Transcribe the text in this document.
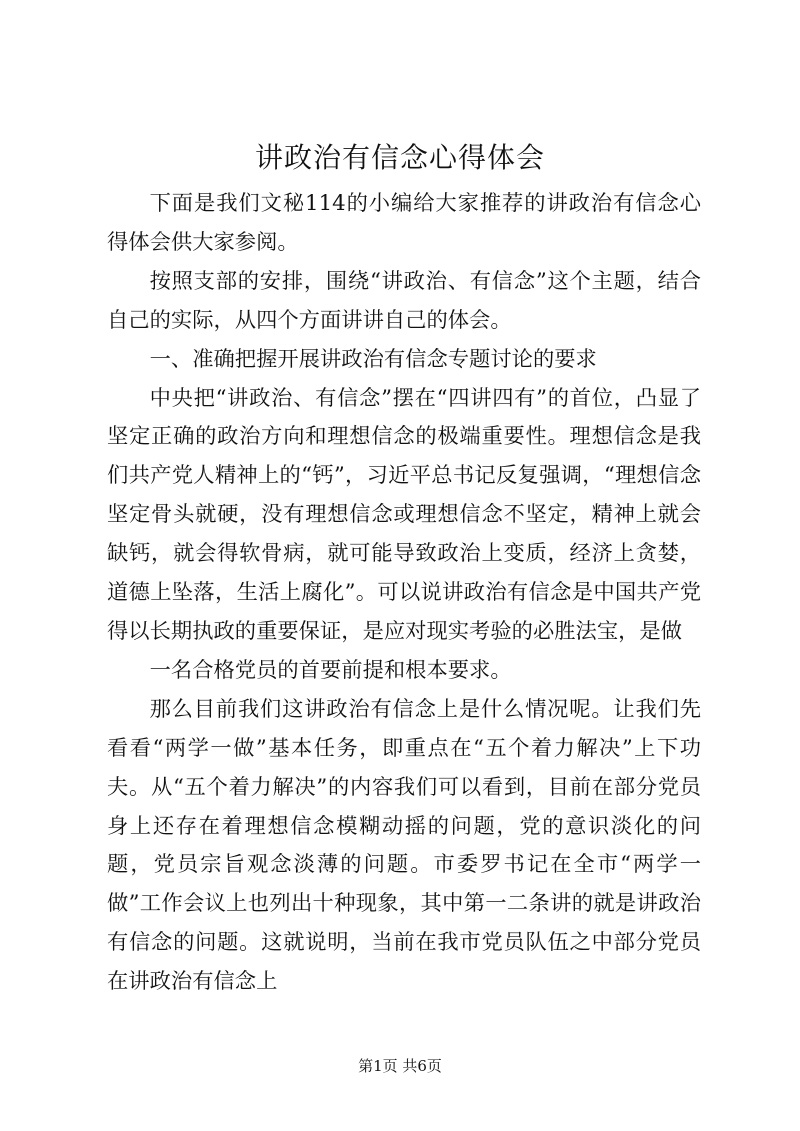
讲政治有信念心得体会

下面是我们文秘114的小编给大家推荐的讲政治有信念心得体会供大家参阅。

按照支部的安排，围绕“讲政治、有信念”这个主题，结合自己的实际，从四个方面讲讲自己的体会。

一、准确把握开展讲政治有信念专题讨论的要求

中央把“讲政治、有信念”摆在“四讲四有”的首位，凸显了坚定正确的政治方向和理想信念的极端重要性。理想信念是我们共产党人精神上的“钙”，习近平总书记反复强调，“理想信念坚定骨头就硬，没有理想信念或理想信念不坚定，精神上就会缺钙，就会得软骨病，就可能导致政治上变质，经济上贪婪，道德上坠落，生活上腐化”。可以说讲政治有信念是中国共产党得以长期执政的重要保证，是应对现实考验的必胜法宝，是做

一名合格党员的首要前提和根本要求。

那么目前我们这讲政治有信念上是什么情况呢。让我们先看看“两学一做”基本任务，即重点在“五个着力解决”上下功夫。从“五个着力解决”的内容我们可以看到，目前在部分党员身上还存在着理想信念模糊动摇的问题，党的意识淡化的问题，党员宗旨观念淡薄的问题。市委罗书记在全市“两学一做”工作会议上也列出十种现象，其中第一二条讲的就是讲政治有信念的问题。这就说明，当前在我市党员队伍之中部分党员在讲政治有信念上

第1页 共6页
